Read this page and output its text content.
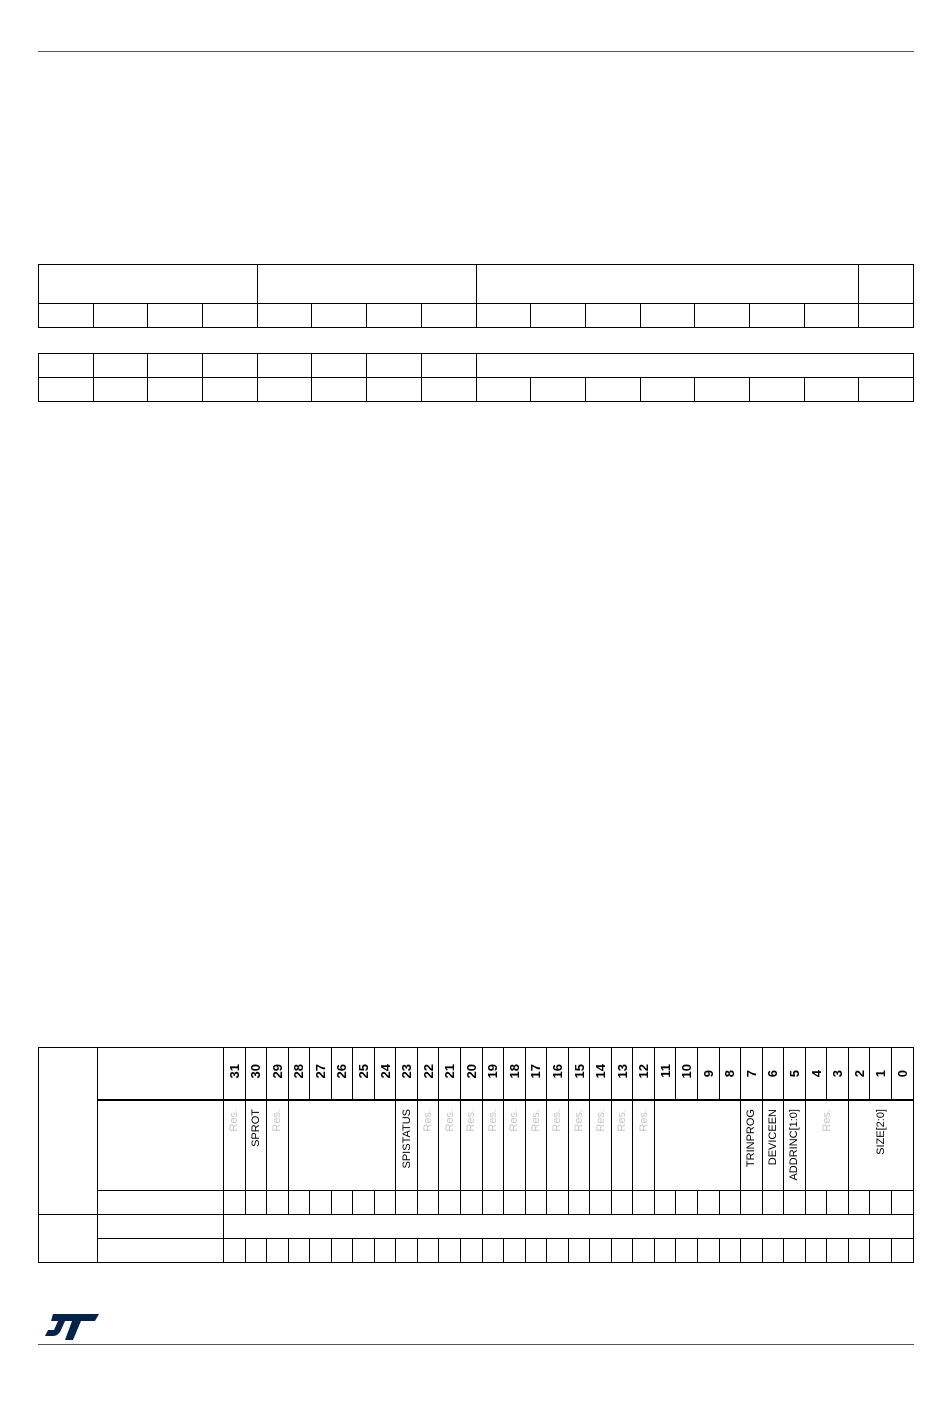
		31	30	29	28	27	26	25	24	23	22	21	20	19	18	17	16	15	14	13	12	11	10	9	8	7	6	5	4	3	2	1	0
		Res.	SPROT	Res.						SPISTATUS	Res.	Res.	Res.	Res.	Res.	Res.	Res.	Res.	Res.	Res.	Res.					TRINPROG	DEVICEEN	ADDRINC[1:0]	Res.		SIZE[2:0]		
